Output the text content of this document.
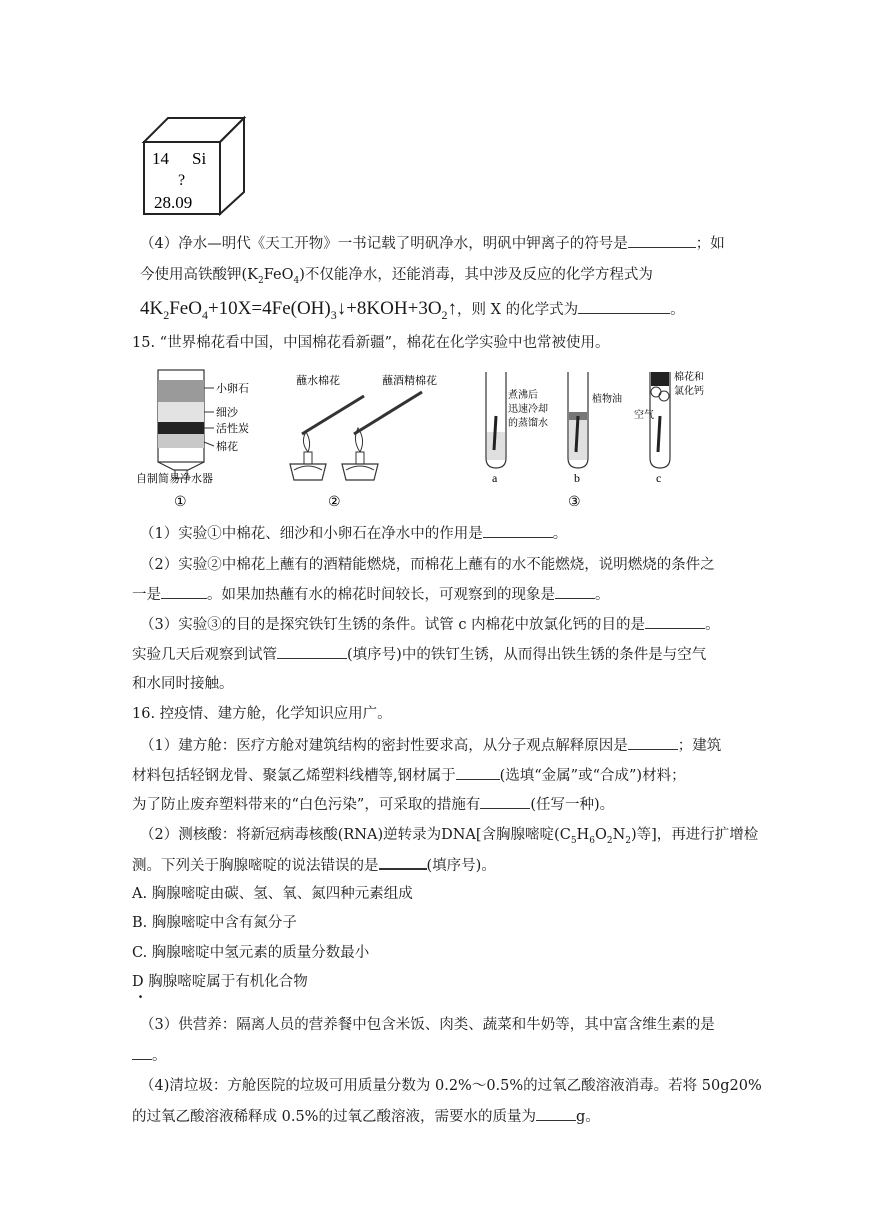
14 Si
?
28.09
（4）净水—明代《天工开物》一书记载了明矾净水，明矾中钾离子的符号是	；如
今使用高铁酸钾$(K_2FeO_4)$不仅能净水，还能消毒，其中涉及反应的化学方程式为
$4K_2FeO_4+10X=4Fe(OH)_3↓+8KOH+3O_2↑$，则 X 的化学式为	。
15. “世界棉花看中国，中国棉花看新疆”，棉花在化学实验中也常被使用。
小卵石
细沙
活性炭
棉花
自制简易净水器
①
蘸水棉花	蘸酒精棉花
②
煮沸后
迅速冷却
的蒸馏水
植物油
棉花和
氯化钙
空气
a	b	c
③
（1）实验①中棉花、细沙和小卵石在净水中的作用是	。
（2）实验②中棉花上蘸有的酒精能燃烧，而棉花上蘸有的水不能燃烧，说明燃烧的条件之
一是	。如果加热蘸有水的棉花时间较长，可观察到的现象是	。
（3）实验③的目的是探究铁钉生锈的条件。试管 c 内棉花中放氯化钙的目的是	。
实验几天后观察到试管	(填序号)中的铁钉生锈，从而得出铁生锈的条件是与空气
和水同时接触。
16. 控疫情、建方舱，化学知识应用广。
（1）建方舱：医疗方舱对建筑结构的密封性要求高，从分子观点解释原因是	；建筑
材料包括轻钢龙骨、聚氯乙烯塑料线槽等,钢材属于	(选填“金属”或“合成”)材料；
为了防止废弃塑料带来的“白色污染”，可采取的措施有	(任写一种)。
（2）测核酸：将新冠病毒核酸(RNA)逆转录为DNA[含胸腺嘧啶$(C_5H_6O_2N_2)$等]，再进行扩增检
测。下列关于胸腺嘧啶的说法错误的是	(填序号)。
A. 胸腺嘧啶由碳、氢、氧、氮四种元素组成
B. 胸腺嘧啶中含有氮分子
C. 胸腺嘧啶中氢元素的质量分数最小
D 胸腺嘧啶属于有机化合物
·
（3）供营养：隔离人员的营养餐中包含米饭、肉类、蔬菜和牛奶等，其中富含维生素的是
。
（4)清垃圾：方舱医院的垃圾可用质量分数为 0.2%～0.5%的过氧乙酸溶液消毒。若将 50g20%
的过氧乙酸溶液稀释成 0.5%的过氧乙酸溶液，需要水的质量为	g。
